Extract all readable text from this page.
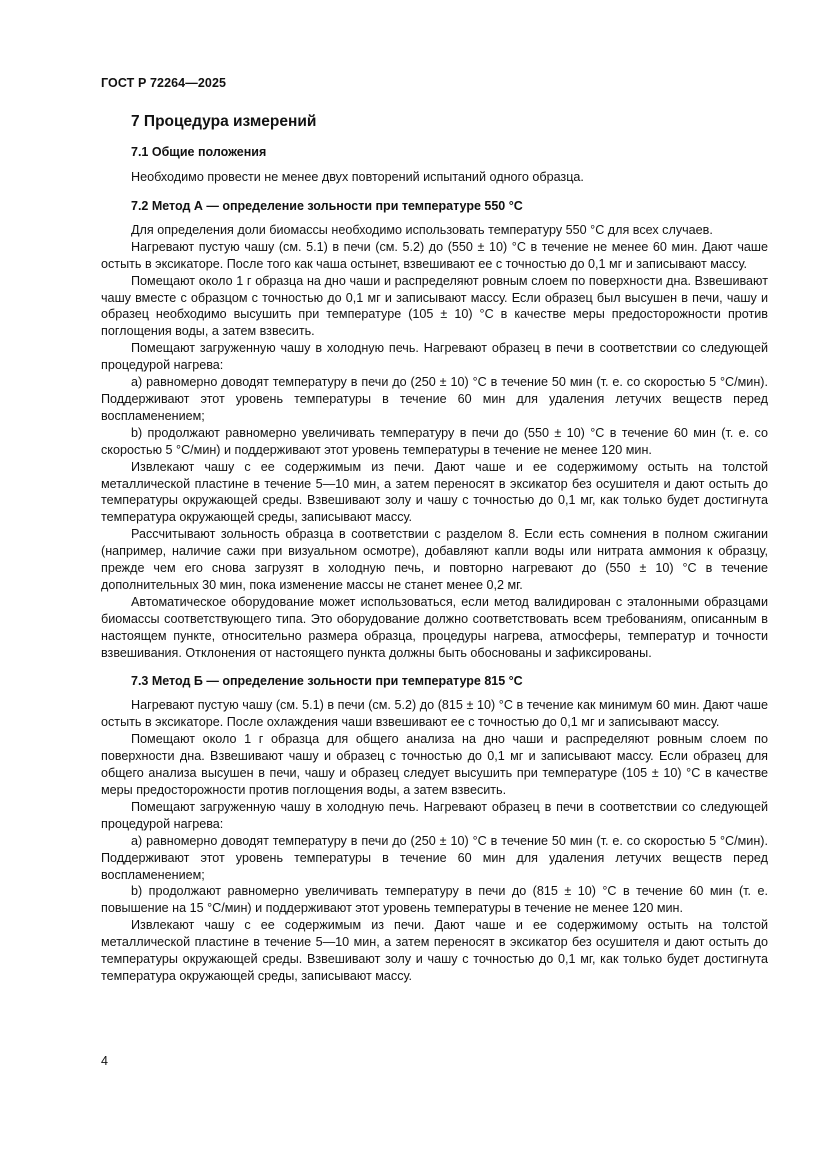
ГОСТ Р 72264—2025
7 Процедура измерений
7.1 Общие положения

Необходимо провести не менее двух повторений испытаний одного образца.

7.2 Метод А — определение зольности при температуре 550 °С

Для определения доли биомассы необходимо использовать температуру 550 °С для всех случаев.

Нагревают пустую чашу (см. 5.1) в печи (см. 5.2) до (550 ± 10) °С в течение не менее 60 мин. Дают чаше остыть в эксикаторе. После того как чаша остынет, взвешивают ее с точностью до 0,1 мг и записывают массу.

Помещают около 1 г образца на дно чаши и распределяют ровным слоем по поверхности дна. Взвешивают чашу вместе с образцом с точностью до 0,1 мг и записывают массу. Если образец был высушен в печи, чашу и образец необходимо высушить при температуре (105 ± 10) °С в качестве меры предосторожности против поглощения воды, а затем взвесить.

Помещают загруженную чашу в холодную печь. Нагревают образец в печи в соответствии со следующей процедурой нагрева:

a) равномерно доводят температуру в печи до (250 ± 10) °С в течение 50 мин (т. е. со скоростью 5 °С/мин). Поддерживают этот уровень температуры в течение 60 мин для удаления летучих веществ перед воспламенением;

b) продолжают равномерно увеличивать температуру в печи до (550 ± 10) °С в течение 60 мин (т. е. со скоростью 5 °С/мин) и поддерживают этот уровень температуры в течение не менее 120 мин.

Извлекают чашу с ее содержимым из печи. Дают чаше и ее содержимому остыть на толстой металлической пластине в течение 5—10 мин, а затем переносят в эксикатор без осушителя и дают остыть до температуры окружающей среды. Взвешивают золу и чашу с точностью до 0,1 мг, как только будет достигнута температура окружающей среды, записывают массу.

Рассчитывают зольность образца в соответствии с разделом 8. Если есть сомнения в полном сжигании (например, наличие сажи при визуальном осмотре), добавляют капли воды или нитрата аммония к образцу, прежде чем его снова загрузят в холодную печь, и повторно нагревают до (550 ± 10) °С в течение дополнительных 30 мин, пока изменение массы не станет менее 0,2 мг.

Автоматическое оборудование может использоваться, если метод валидирован с эталонными образцами биомассы соответствующего типа. Это оборудование должно соответствовать всем требованиям, описанным в настоящем пункте, относительно размера образца, процедуры нагрева, атмосферы, температур и точности взвешивания. Отклонения от настоящего пункта должны быть обоснованы и зафиксированы.

7.3 Метод Б — определение зольности при температуре 815 °С

Нагревают пустую чашу (см. 5.1) в печи (см. 5.2) до (815 ± 10) °С в течение как минимум 60 мин. Дают чаше остыть в эксикаторе. После охлаждения чаши взвешивают ее с точностью до 0,1 мг и записывают массу.

Помещают около 1 г образца для общего анализа на дно чаши и распределяют ровным слоем по поверхности дна. Взвешивают чашу и образец с точностью до 0,1 мг и записывают массу. Если образец для общего анализа высушен в печи, чашу и образец следует высушить при температуре (105 ± 10) °С в качестве меры предосторожности против поглощения воды, а затем взвесить.

Помещают загруженную чашу в холодную печь. Нагревают образец в печи в соответствии со следующей процедурой нагрева:

a) равномерно доводят температуру в печи до (250 ± 10) °С в течение 50 мин (т. е. со скоростью 5 °С/мин). Поддерживают этот уровень температуры в течение 60 мин для удаления летучих веществ перед воспламенением;

b) продолжают равномерно увеличивать температуру в печи до (815 ± 10) °С в течение 60 мин (т. е. повышение на 15 °С/мин) и поддерживают этот уровень температуры в течение не менее 120 мин.

Извлекают чашу с ее содержимым из печи. Дают чаше и ее содержимому остыть на толстой металлической пластине в течение 5—10 мин, а затем переносят в эксикатор без осушителя и дают остыть до температуры окружающей среды. Взвешивают золу и чашу с точностью до 0,1 мг, как только будет достигнута температура окружающей среды, записывают массу.

4
